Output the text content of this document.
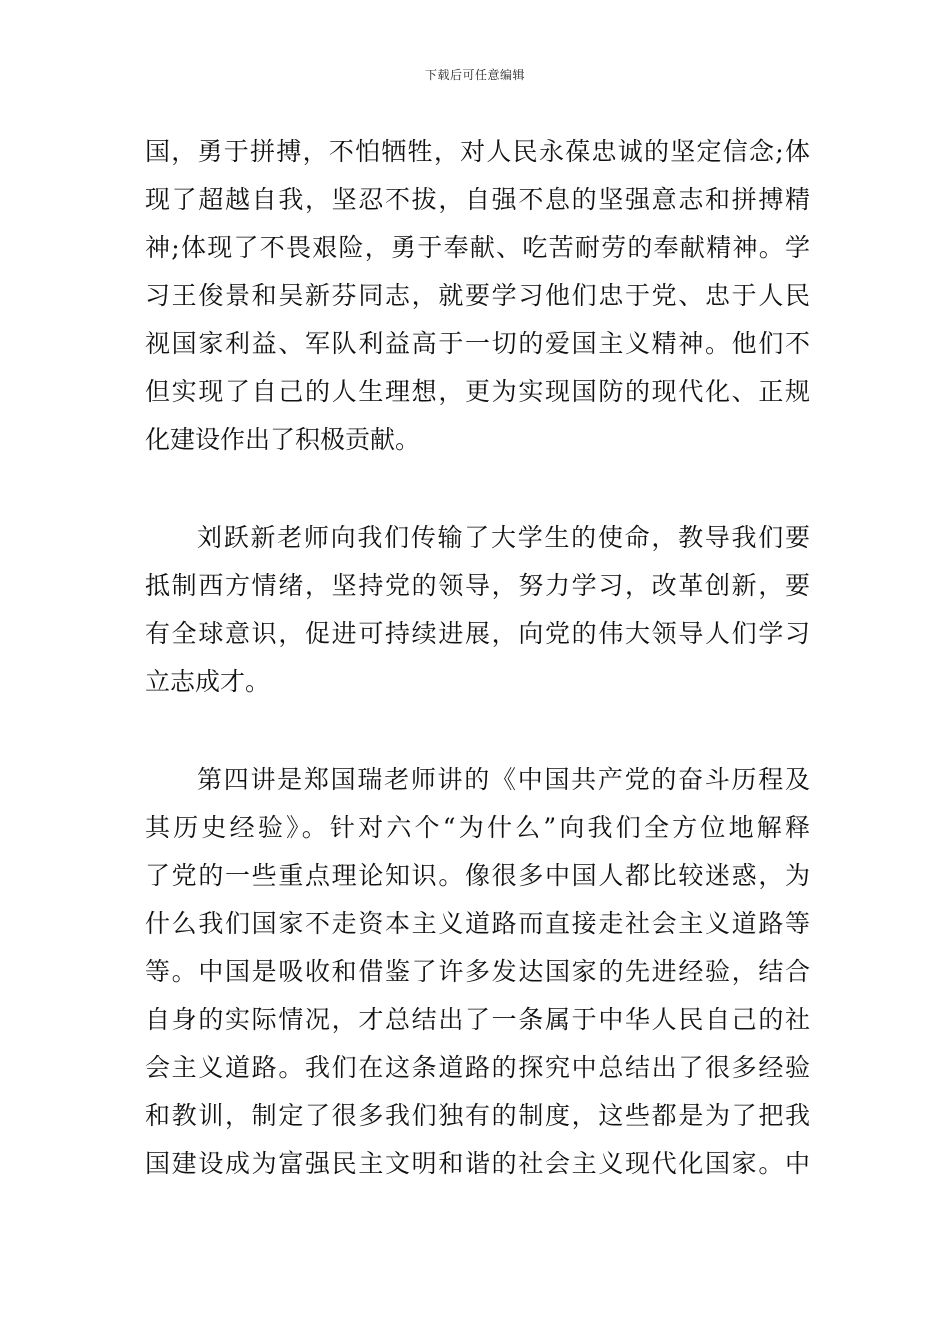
下载后可任意编辑
国，勇于拼搏，不怕牺牲，对人民永葆忠诚的坚定信念;体
现了超越自我，坚忍不拔，自强不息的坚强意志和拼搏精
神;体现了不畏艰险，勇于奉献、吃苦耐劳的奉献精神。学
习王俊景和吴新芬同志，就要学习他们忠于党、忠于人民
视国家利益、军队利益高于一切的爱国主义精神。他们不
但实现了自己的人生理想，更为实现国防的现代化、正规
化建设作出了积极贡献。
刘跃新老师向我们传输了大学生的使命，教导我们要
抵制西方情绪，坚持党的领导，努力学习，改革创新，要
有全球意识，促进可持续进展，向党的伟大领导人们学习
立志成才。
第四讲是郑国瑞老师讲的《中国共产党的奋斗历程及
其历史经验》。针对六个“为什么”向我们全方位地解释
了党的一些重点理论知识。像很多中国人都比较迷惑，为
什么我们国家不走资本主义道路而直接走社会主义道路等
等。中国是吸收和借鉴了许多发达国家的先进经验，结合
自身的实际情况，才总结出了一条属于中华人民自己的社
会主义道路。我们在这条道路的探究中总结出了很多经验
和教训，制定了很多我们独有的制度，这些都是为了把我
国建设成为富强民主文明和谐的社会主义现代化国家。中
